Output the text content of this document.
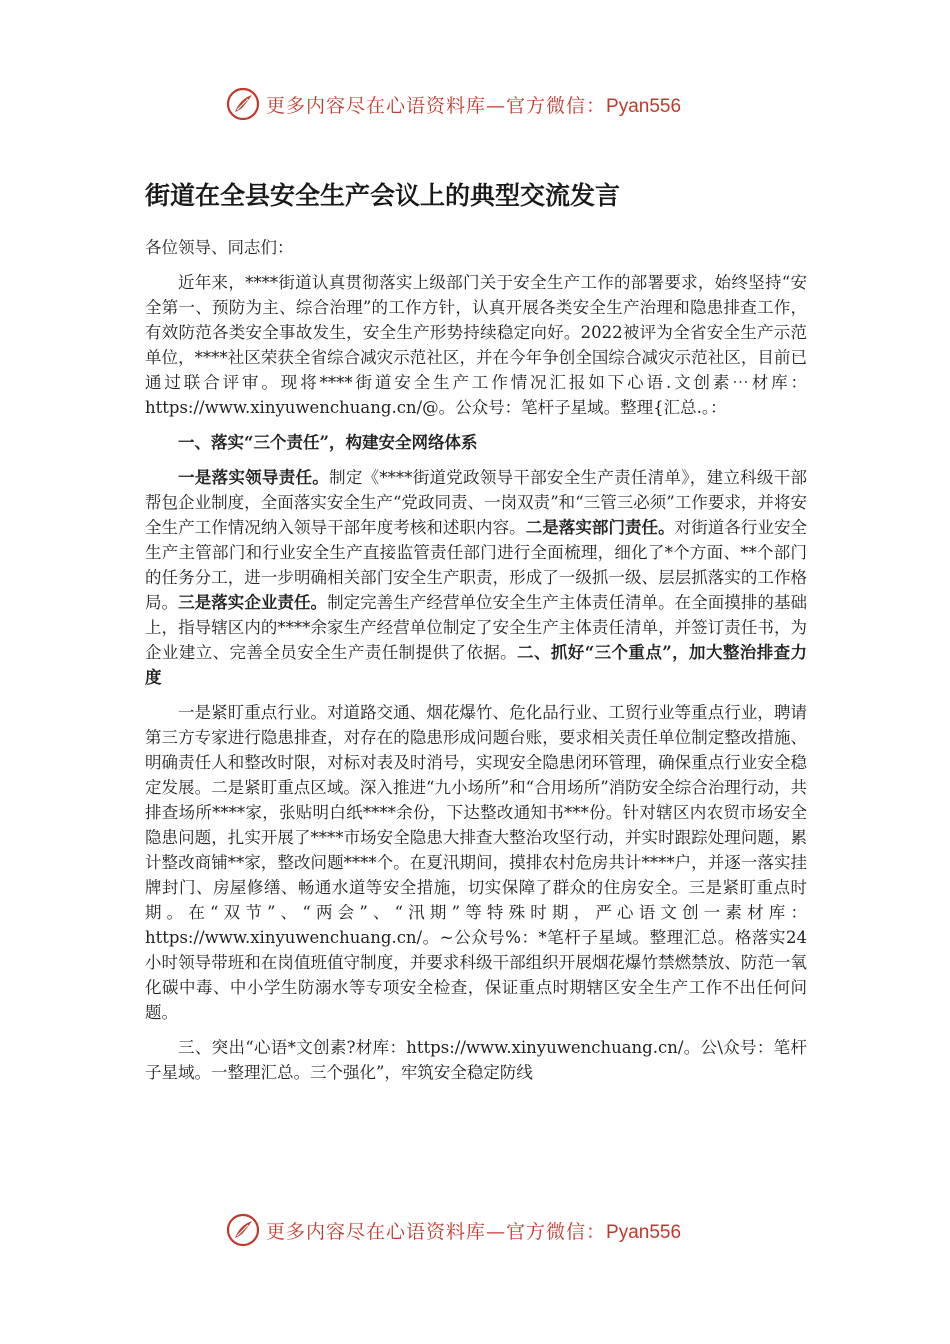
更多内容尽在心语资料库—官方微信：Pyan556
街道在全县安全生产会议上的典型交流发言

各位领导、同志们：

近年来，****街道认真贯彻落实上级部门关于安全生产工作的部署要求，始终坚持“安全第一、预防为主、综合治理”的工作方针，认真开展各类安全生产治理和隐患排查工作，有效防范各类安全事故发生，安全生产形势持续稳定向好。2022被评为全省安全生产示范单位，****社区荣获全省综合减灾示范社区，并在今年争创全国综合减灾示范社区，目前已通过联合评审。现将****街道安全生产工作情况汇报如下心语.文创素⋯材库：https://www.xinyuwenchuang.cn/@。公众号：笔杆子星域。整理{汇总.。：

一、落实“三个责任”，构建安全网络体系

一是落实领导责任。制定《****街道党政领导干部安全生产责任清单》，建立科级干部帮包企业制度，全面落实安全生产“党政同责、一岗双责”和“三管三必须”工作要求，并将安全生产工作情况纳入领导干部年度考核和述职内容。二是落实部门责任。对街道各行业安全生产主管部门和行业安全生产直接监管责任部门进行全面梳理，细化了*个方面、**个部门的任务分工，进一步明确相关部门安全生产职责，形成了一级抓一级、层层抓落实的工作格局。三是落实企业责任。制定完善生产经营单位安全生产主体责任清单。在全面摸排的基础上，指导辖区内的****余家生产经营单位制定了安全生产主体责任清单，并签订责任书，为企业建立、完善全员安全生产责任制提供了依据。二、抓好“三个重点”，加大整治排查力度

一是紧盯重点行业。对道路交通、烟花爆竹、危化品行业、工贸行业等重点行业，聘请第三方专家进行隐患排查，对存在的隐患形成问题台账，要求相关责任单位制定整改措施、明确责任人和整改时限，对标对表及时消号，实现安全隐患闭环管理，确保重点行业安全稳定发展。二是紧盯重点区域。深入推进“九小场所”和“合用场所”消防安全综合治理行动，共排查场所****家，张贴明白纸****余份，下达整改通知书***份。针对辖区内农贸市场安全隐患问题，扎实开展了****市场安全隐患大排查大整治攻坚行动，并实时跟踪处理问题，累计整改商铺**家，整改问题****个。在夏汛期间，摸排农村危房共计****户，并逐一落实挂牌封门、房屋修缮、畅通水道等安全措施，切实保障了群众的住房安全。三是紧盯重点时期。在“双节”、“两会”、“汛期”等特殊时期，严心语文创一素材库：https://www.xinyuwenchuang.cn/。~公众号%：*笔杆子星域。整理汇总。格落实24小时领导带班和在岗值班值守制度，并要求科级干部组织开展烟花爆竹禁燃禁放、防范一氧化碳中毒、中小学生防溺水等专项安全检查，保证重点时期辖区安全生产工作不出任何问题。

三、突出“心语*文创素?材库：https://www.xinyuwenchuang.cn/。公\众号：笔杆子星域。一整理汇总。三个强化”，牢筑安全稳定防线

更多内容尽在心语资料库—官方微信：Pyan556
